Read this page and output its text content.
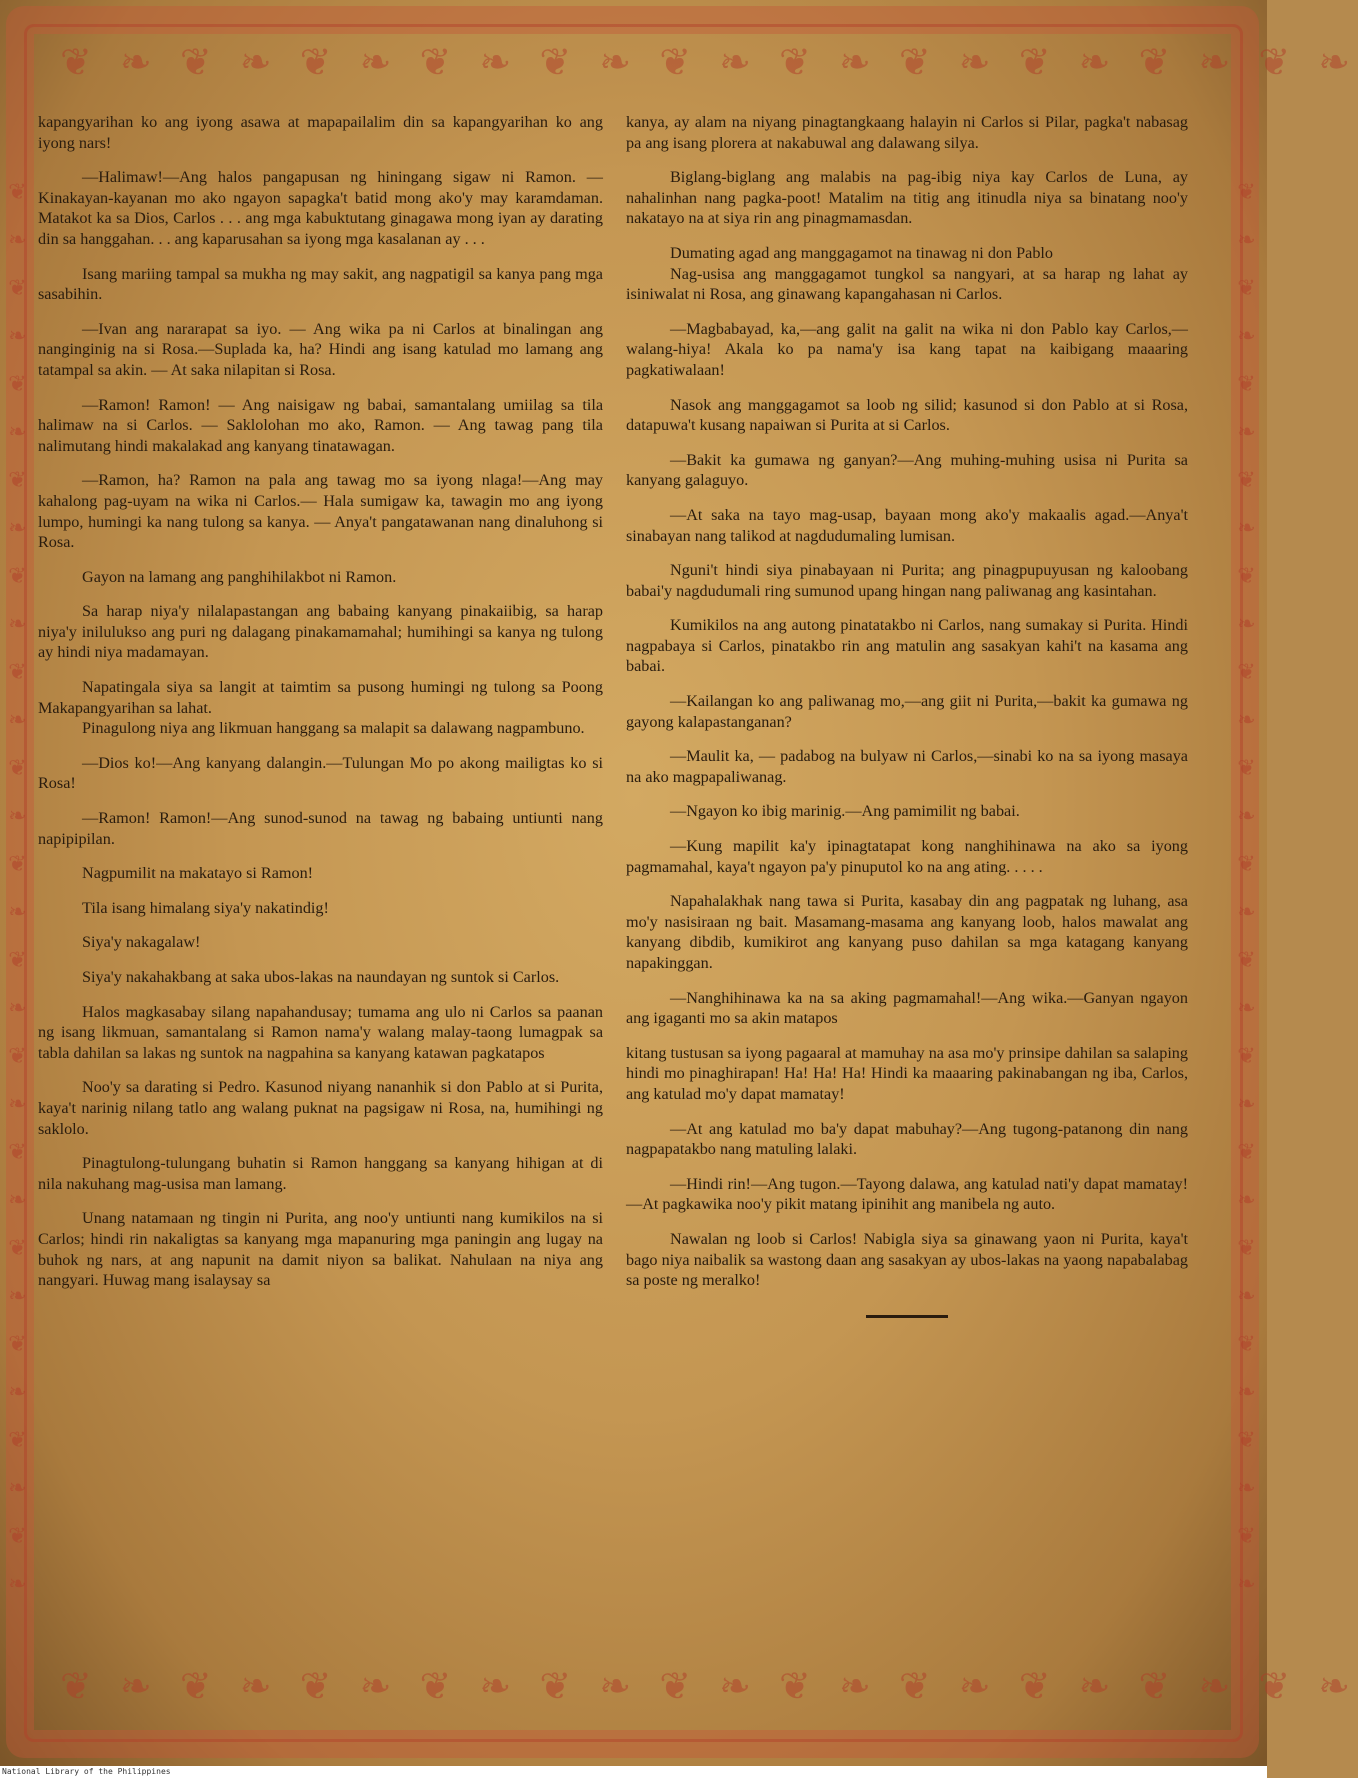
❦ ❧ ❦ ❧ ❦ ❧ ❦ ❧ ❦ ❧ ❦ ❧ ❦ ❧ ❦ ❧ ❦ ❧ ❦ ❧ ❦ ❧
❦ ❧ ❦ ❧ ❦ ❧ ❦ ❧ ❦ ❧ ❦ ❧ ❦ ❧ ❦ ❧ ❦ ❧ ❦ ❧ ❦ ❧
❦ ❧ ❦ ❧ ❦ ❧ ❦ ❧ ❦ ❧ ❦ ❧ ❦ ❧ ❦ ❧ ❦ ❧ ❦ ❧ ❦ ❧ ❦ ❧ ❦ ❧ ❦ ❧ ❦ ❧	❦ ❧ ❦ ❧ ❦ ❧ ❦ ❧ ❦ ❧ ❦ ❧ ❦ ❧ ❦ ❧ ❦ ❧ ❦ ❧ ❦ ❧ ❦ ❧ ❦ ❧ ❦ ❧ ❦ ❧

kapangyarihan ko ang iyong asawa at mapapailalim din sa kapangyarihan ko ang iyong nars!

—Halimaw!—Ang halos pangapusan ng hiningang sigaw ni Ramon. — Kinakayan-kayanan mo ako ngayon sapagka't batid mong ako'y may karamdaman. Matakot ka sa Dios, Carlos . . . ang mga kabuktutang ginagawa mong iyan ay darating din sa hanggahan. . . ang kaparusahan sa iyong mga kasalanan ay . . .

Isang mariing tampal sa mukha ng may sakit, ang nagpatigil sa kanya pang mga sasabihin.

—Ivan ang nararapat sa iyo. — Ang wika pa ni Carlos at binalingan ang nanginginig na si Rosa.—Suplada ka, ha? Hindi ang isang katulad mo lamang ang tatampal sa akin. — At saka nilapitan si Rosa.

—Ramon! Ramon! — Ang naisigaw ng babai, samantalang umiilag sa tila halimaw na si Carlos. — Saklolohan mo ako, Ramon. — Ang tawag pang tila nalimutang hindi makalakad ang kanyang tinatawagan.

—Ramon, ha? Ramon na pala ang tawag mo sa iyong nlaga!—Ang may kahalong pag-uyam na wika ni Carlos.— Hala sumigaw ka, tawagin mo ang iyong lumpo, humingi ka nang tulong sa kanya. — Anya't pangatawanan nang dinaluhong si Rosa.

Gayon na lamang ang panghihilakbot ni Ramon.

Sa harap niya'y nilalapastangan ang babaing kanyang pinakaiibig, sa harap niya'y inilulukso ang puri ng dalagang pinakamamahal; humihingi sa kanya ng tulong ay hindi niya madamayan.

Napatingala siya sa langit at taimtim sa pusong humingi ng tulong sa Poong Makapangyarihan sa lahat.

Pinagulong niya ang likmuan hanggang sa malapit sa dalawang nagpambuno.

—Dios ko!—Ang kanyang dalangin.—Tulungan Mo po akong mailigtas ko si Rosa!

—Ramon! Ramon!—Ang sunod-sunod na tawag ng babaing untiunti nang napipipilan.

Nagpumilit na makatayo si Ramon!

Tila isang himalang siya'y nakatindig!

Siya'y nakagalaw!

Siya'y nakahakbang at saka ubos-lakas na naundayan ng suntok si Carlos.

Halos magkasabay silang napahandusay; tumama ang ulo ni Carlos sa paanan ng isang likmuan, samantalang si Ramon nama'y walang malay-taong lumagpak sa tabla dahilan sa lakas ng suntok na nagpahina sa kanyang katawan pagkatapos

Noo'y sa darating si Pedro. Kasunod niyang nananhik si don Pablo at si Purita, kaya't narinig nilang tatlo ang walang puknat na pagsigaw ni Rosa, na, humihingi ng saklolo.

Pinagtulong-tulungang buhatin si Ramon hanggang sa kanyang hihigan at di nila nakuhang mag-usisa man lamang.

Unang natamaan ng tingin ni Purita, ang noo'y untiunti nang kumikilos na si Carlos; hindi rin nakaligtas sa kanyang mga mapanuring mga paningin ang lugay na buhok ng nars, at ang napunit na damit niyon sa balikat. Nahulaan na niya ang nangyari. Huwag mang isalaysay sa

kanya, ay alam na niyang pinagtangkaang halayin ni Carlos si Pilar, pagka't nabasag pa ang isang plorera at nakabuwal ang dalawang silya.

Biglang-biglang ang malabis na pag-ibig niya kay Carlos de Luna, ay nahalinhan nang pagka-poot! Matalim na titig ang itinudla niya sa binatang noo'y nakatayo na at siya rin ang pinagmamasdan.

Dumating agad ang manggagamot na tinawag ni don Pablo

Nag-usisa ang manggagamot tungkol sa nangyari, at sa harap ng lahat ay isiniwalat ni Rosa, ang ginawang kapangahasan ni Carlos.

—Magbabayad, ka,—ang galit na galit na wika ni don Pablo kay Carlos,—walang-hiya! Akala ko pa nama'y isa kang tapat na kaibigang maaaring pagkatiwalaan!

Nasok ang manggagamot sa loob ng silid; kasunod si don Pablo at si Rosa, datapuwa't kusang napaiwan si Purita at si Carlos.

—Bakit ka gumawa ng ganyan?—Ang muhing-muhing usisa ni Purita sa kanyang galaguyo.

—At saka na tayo mag-usap, bayaan mong ako'y makaalis agad.—Anya't sinabayan nang talikod at nagdudumaling lumisan.

Nguni't hindi siya pinabayaan ni Purita; ang pinagpupuyusan ng kaloobang babai'y nagdudumali ring sumunod upang hingan nang paliwanag ang kasintahan.

Kumikilos na ang autong pinatatakbo ni Carlos, nang sumakay si Purita. Hindi nagpabaya si Carlos, pinatakbo rin ang matulin ang sasakyan kahi't na kasama ang babai.

—Kailangan ko ang paliwanag mo,—ang giit ni Purita,—bakit ka gumawa ng gayong kalapastanganan?

—Maulit ka, — padabog na bulyaw ni Carlos,—sinabi ko na sa iyong masaya na ako magpapaliwanag.

—Ngayon ko ibig marinig.—Ang pamimilit ng babai.

—Kung mapilit ka'y ipinagtatapat kong nanghihinawa na ako sa iyong pagmamahal, kaya't ngayon pa'y pinuputol ko na ang ating. . . . .

Napahalakhak nang tawa si Purita, kasabay din ang pagpatak ng luhang, asa mo'y nasisiraan ng bait. Masamang-masama ang kanyang loob, halos mawalat ang kanyang dibdib, kumikirot ang kanyang puso dahilan sa mga katagang kanyang napakinggan.

—Nanghihinawa ka na sa aking pagmamahal!—Ang wika.—Ganyan ngayon ang igaganti mo sa akin matapos

kitang tustusan sa iyong pagaaral at mamuhay na asa mo'y prinsipe dahilan sa salaping hindi mo pinaghirapan! Ha! Ha! Ha! Hindi ka maaaring pakinabangan ng iba, Carlos, ang katulad mo'y dapat mamatay!

—At ang katulad mo ba'y dapat mabuhay?—Ang tugong-patanong din nang nagpapatakbo nang matuling lalaki.

—Hindi rin!—Ang tugon.—Tayong dalawa, ang katulad nati'y dapat mamatay!—At pagkawika noo'y pikit matang ipinihit ang manibela ng auto.

Nawalan ng loob si Carlos! Nabigla siya sa ginawang yaon ni Purita, kaya't bago niya naibalik sa wastong daan ang sasakyan ay ubos-lakas na yaong napabalabag sa poste ng meralko!

National Library of the Philippines
